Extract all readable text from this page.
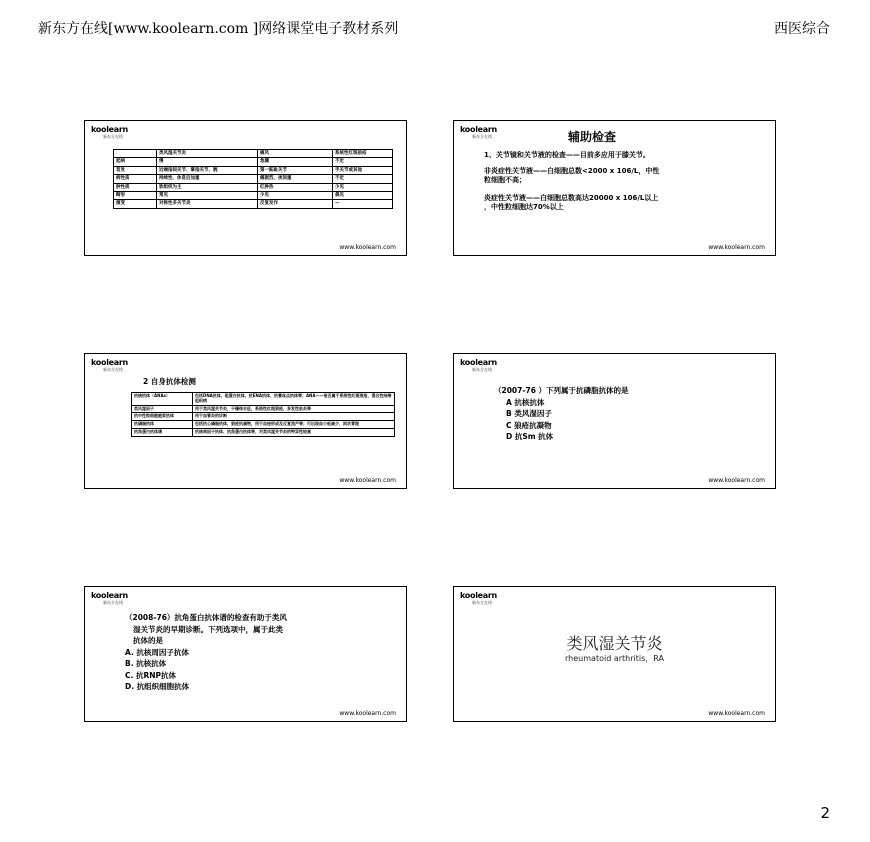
新东方在线[www.koolearn.com ]网络课堂电子教材系列	西医综合
koolearn
新东方在线
	类风湿关节炎	痛风	系统性红斑狼疮
起病	慢	急骤	不定
首发	近端指间关节、掌指关节、腕	第一跖趾关节	手关节或其他
病性质	持续性、休息后加重	痛剧烈，夜间重	不定
肿性质	软组织为主	红肿热	少见
畸形	常见	少见	偶见
演变	对称性多关节炎	反复发作	—
www.koolearn.com
koolearn
新东方在线	辅助检查
1、关节镜和关节液的检查——目前多应用于膝关节。
非炎症性关节液——白细胞总数<2000 x 106/L，中性
粒细胞不高；
炎症性关节液——白细胞总数高达20000 x 106/L以上
，中性粒细胞达70%以上
www.koolearn.com
koolearn
新东方在线
2 自身抗体检测
抗核抗体（ANAs）	包括DNA抗体、组蛋白抗体、抗ENA抗体、抗着丝点抗体等；ANA——是否属于系统性红斑狼疮，混合性结缔组织病
类风湿因子	用于类风湿关节炎，干燥综合征，系统性红斑狼疮，多发性肌炎等
抗中性粒细胞胞浆抗体	用于血管炎的诊断
抗磷脂抗体	包括抗心磷脂抗体，狼疮抗凝物，用于血栓形成及反复流产等；可出现血小板减少，网状青斑
抗角蛋白抗体谱	抗核周因子抗体、抗角蛋白抗体等，对类风湿关节炎的特异性较高
www.koolearn.com
koolearn
新东方在线
（2007-76 ）下列属于抗磷脂抗体的是
A 抗核抗体
B 类风湿因子
C 狼疮抗凝物
D 抗Sm 抗体
www.koolearn.com
koolearn
新东方在线
（2008-76）抗角蛋白抗体谱的检查有助于类风
湿关节炎的早期诊断。下列选项中，属于此类
抗体的是
A. 抗核周因子抗体
B. 抗核抗体
C. 抗RNP抗体
D. 抗组织细胞抗体
www.koolearn.com
koolearn
新东方在线
类风湿关节炎
rheumatoid arthritis，RA
www.koolearn.com
2
